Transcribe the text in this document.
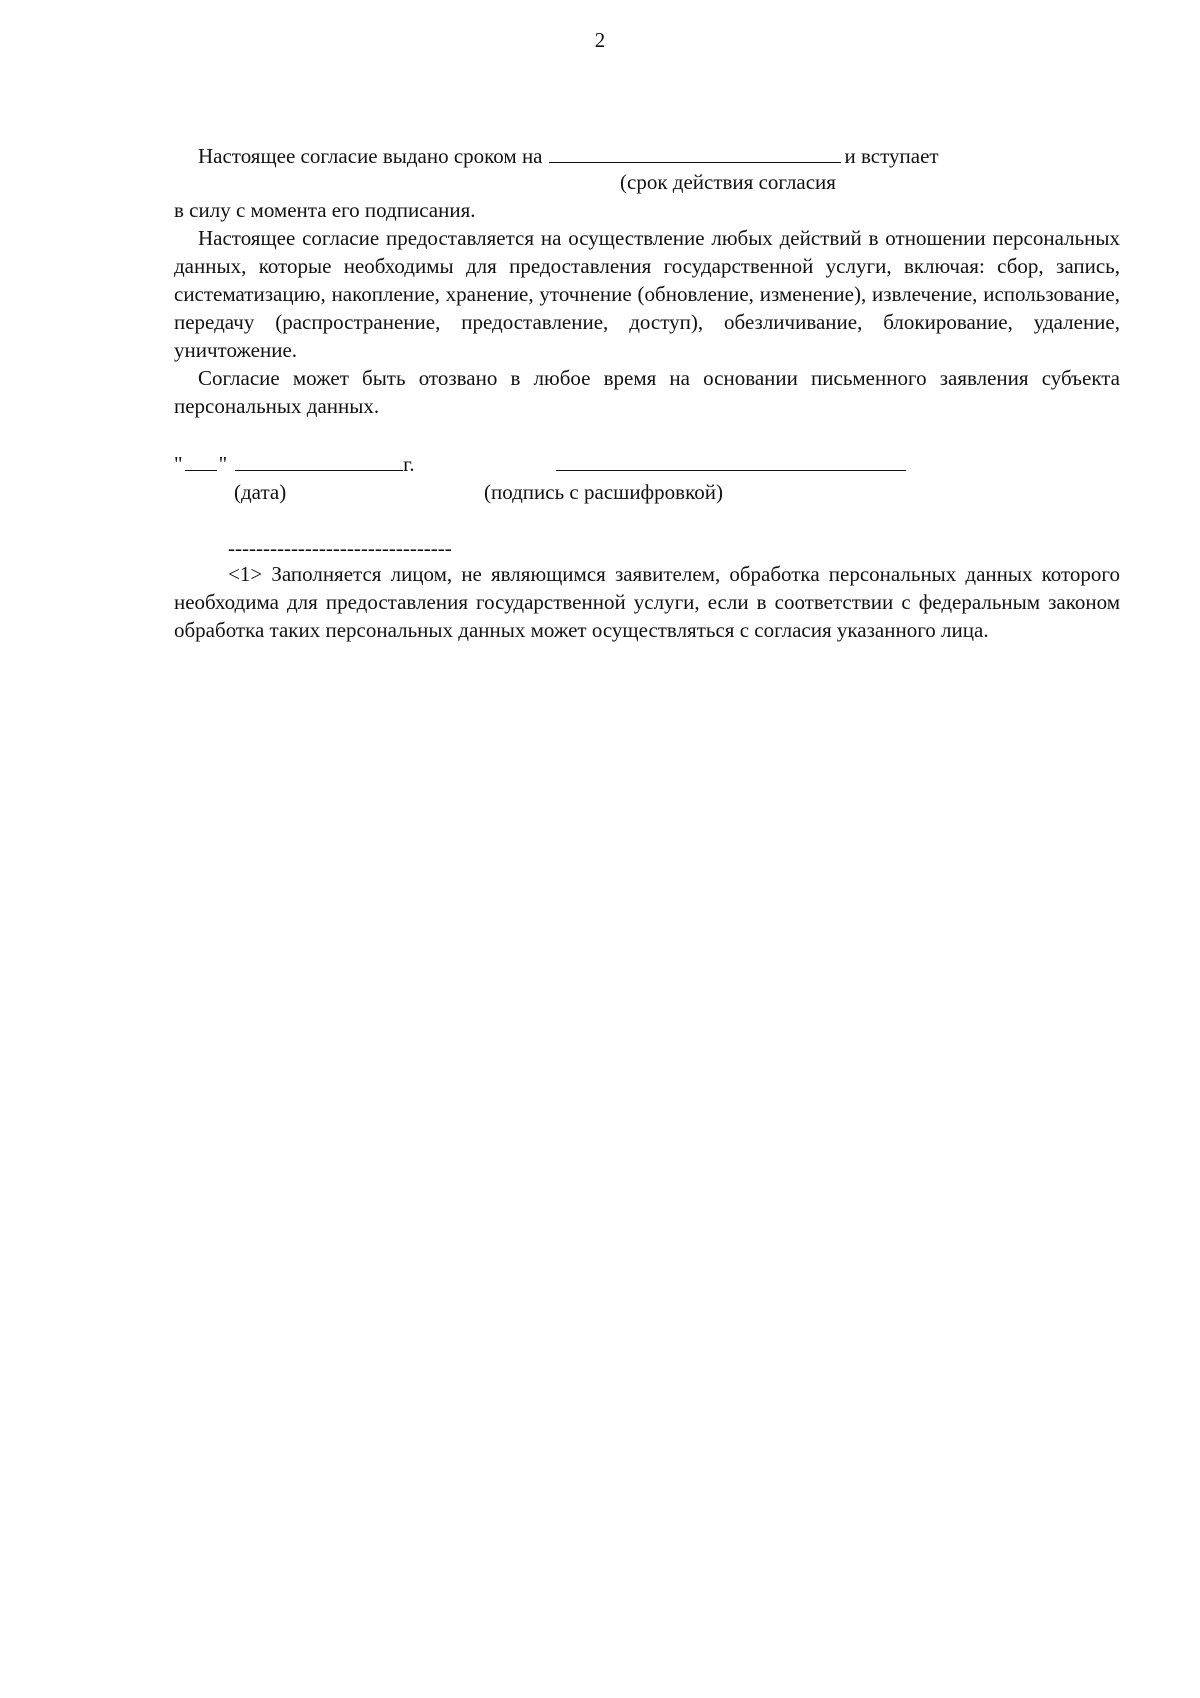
2
Настоящее согласие выдано сроком на	и вступает
(срок действия согласия
в силу с момента его подписания.
Настоящее согласие предоставляется на осуществление любых действий в отношении персональных данных, которые необходимы для предоставления государственной услуги, включая: сбор, запись, систематизацию, накопление, хранение, уточнение (обновление, изменение), извлечение, использование, передачу (распространение, предоставление, доступ), обезличивание, блокирование, удаление, уничтожение.
Согласие может быть отозвано в любое время на основании письменного заявления субъекта персональных данных.
" "	г.
(дата)	(подпись с расшифровкой)
--------------------------------
<1> Заполняется лицом, не являющимся заявителем, обработка персональных данных которого необходима для предоставления государственной услуги, если в соответствии с федеральным законом обработка таких персональных данных может осуществляться с согласия указанного лица.
